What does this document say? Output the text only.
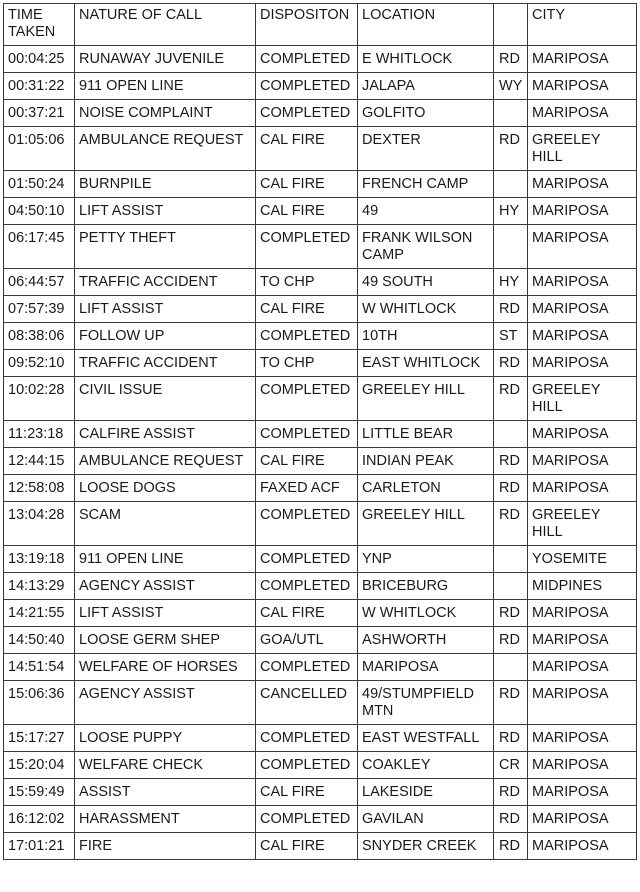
TIME TAKEN	NATURE OF CALL	DISPOSITON	LOCATION		CITY
00:04:25	RUNAWAY JUVENILE	COMPLETED	E WHITLOCK	RD	MARIPOSA
00:31:22	911 OPEN LINE	COMPLETED	JALAPA	WY	MARIPOSA
00:37:21	NOISE COMPLAINT	COMPLETED	GOLFITO		MARIPOSA
01:05:06	AMBULANCE REQUEST	CAL FIRE	DEXTER	RD	GREELEY HILL
01:50:24	BURNPILE	CAL FIRE	FRENCH CAMP		MARIPOSA
04:50:10	LIFT ASSIST	CAL FIRE	49	HY	MARIPOSA
06:17:45	PETTY THEFT	COMPLETED	FRANK WILSON CAMP		MARIPOSA
06:44:57	TRAFFIC ACCIDENT	TO CHP	49 SOUTH	HY	MARIPOSA
07:57:39	LIFT ASSIST	CAL FIRE	W WHITLOCK	RD	MARIPOSA
08:38:06	FOLLOW UP	COMPLETED	10TH	ST	MARIPOSA
09:52:10	TRAFFIC ACCIDENT	TO CHP	EAST WHITLOCK	RD	MARIPOSA
10:02:28	CIVIL ISSUE	COMPLETED	GREELEY HILL	RD	GREELEY HILL
11:23:18	CALFIRE ASSIST	COMPLETED	LITTLE BEAR		MARIPOSA
12:44:15	AMBULANCE REQUEST	CAL FIRE	INDIAN PEAK	RD	MARIPOSA
12:58:08	LOOSE DOGS	FAXED ACF	CARLETON	RD	MARIPOSA
13:04:28	SCAM	COMPLETED	GREELEY HILL	RD	GREELEY HILL
13:19:18	911 OPEN LINE	COMPLETED	YNP		YOSEMITE
14:13:29	AGENCY ASSIST	COMPLETED	BRICEBURG		MIDPINES
14:21:55	LIFT ASSIST	CAL FIRE	W WHITLOCK	RD	MARIPOSA
14:50:40	LOOSE GERM SHEP	GOA/UTL	ASHWORTH	RD	MARIPOSA
14:51:54	WELFARE OF HORSES	COMPLETED	MARIPOSA		MARIPOSA
15:06:36	AGENCY ASSIST	CANCELLED	49/STUMPFIELD MTN	RD	MARIPOSA
15:17:27	LOOSE PUPPY	COMPLETED	EAST WESTFALL	RD	MARIPOSA
15:20:04	WELFARE CHECK	COMPLETED	COAKLEY	CR	MARIPOSA
15:59:49	ASSIST	CAL FIRE	LAKESIDE	RD	MARIPOSA
16:12:02	HARASSMENT	COMPLETED	GAVILAN	RD	MARIPOSA
17:01:21	FIRE	CAL FIRE	SNYDER CREEK	RD	MARIPOSA
